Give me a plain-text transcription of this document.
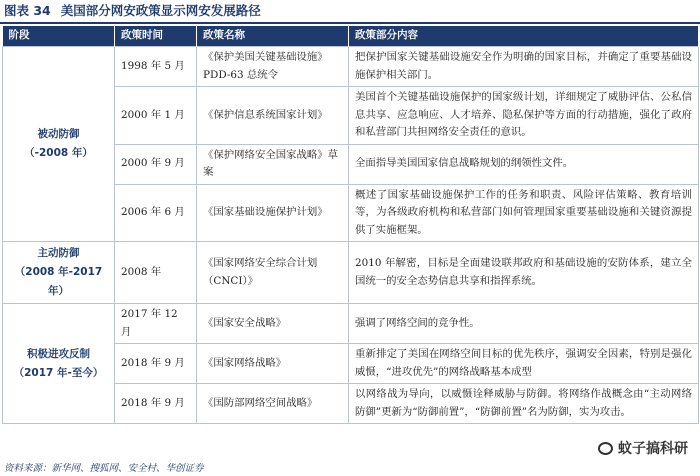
图表 34 美国部分网安政策显示网安发展路径
阶段	政策时间	政策名称	政策部分内容

被动防御
（-2008 年）	1998 年 5 月	《保护美国关键基础设施》PDD-63 总统令	把保护国家关键基础设施安全作为明确的国家目标，并确定了重要基础设施保护相关部门。
	2000 年 1 月	《保护信息系统国家计划》	美国首个关键基础设施保护的国家级计划，详细规定了威胁评估、公私信息共享、应急响应、人才培养、隐私保护等方面的行动措施，强化了政府和私营部门共担网络安全责任的意识。
	2000 年 9 月	《保护网络安全国家战略》草案	全面指导美国国家信息战略规划的纲领性文件。
	2006 年 6 月	《国家基础设施保护计划》	概述了国家基础设施保护工作的任务和职责、风险评估策略、教育培训等，为各级政府机构和私营部门如何管理国家重要基础设施和关键资源提供了实施框架。

主动防御
（2008 年-2017 年）	2008 年	《国家网络安全综合计划（CNCI）》	2010 年解密，目标是全面建设联邦政府和基础设施的安防体系，建立全国统一的安全态势信息共享和指挥系统。

积极进攻反制
（2017 年-至今）	2017 年 12 月	《国家安全战略》	强调了网络空间的竞争性。
	2018 年 9 月	《国家网络战略》	重新排定了美国在网络空间目标的优先秩序，强调安全因素，特别是强化威慑，“进攻优先”的网络战略基本成型
	2018 年 9 月	《国防部网络空间战略》	以网络战为导向，以威慑诠释威胁与防御。将网络作战概念由“主动网络防御”更新为“防御前置”，“防御前置”名为防御，实为攻击。
蚊子搞科研
资料来源：新华网、搜狐网、安全村、华创证券
